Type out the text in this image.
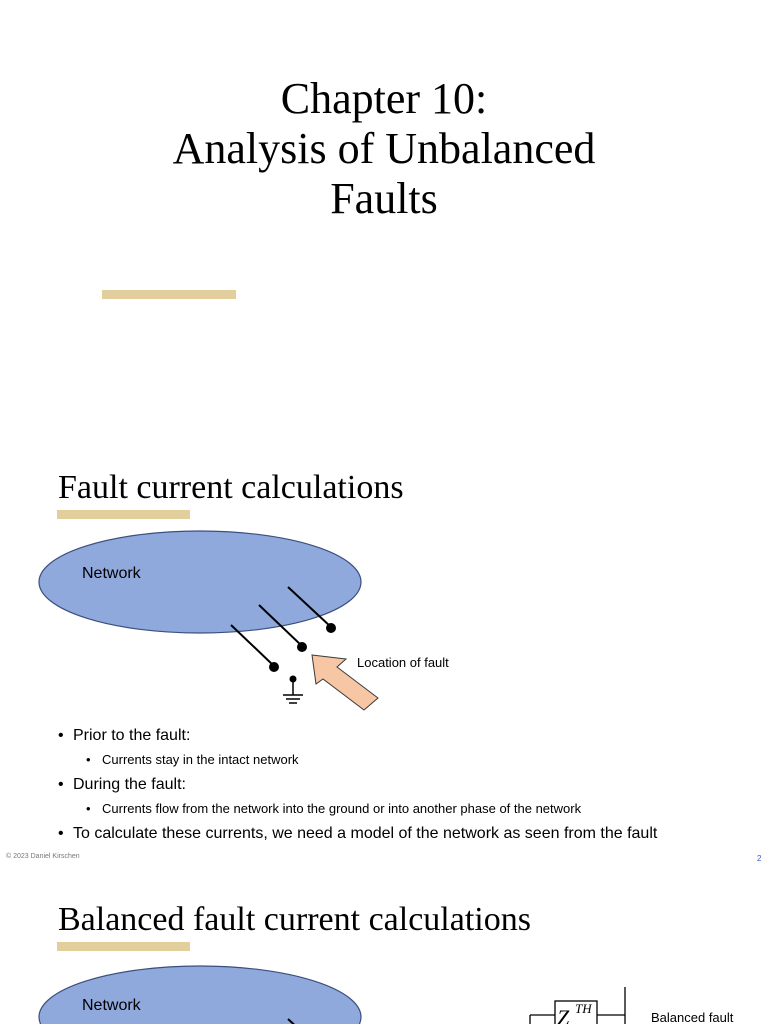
Chapter 10:
Analysis of Unbalanced
Faults
Fault current calculations
Network
Location of fault
• Prior to the fault:
• Currents stay in the intact network
• During the fault:
• Currents flow from the network into the ground or into another phase of the network
• To calculate these currents, we need a model of the network as seen from the fault
© 2023 Daniel Kirschen	2
Balanced fault current calculations
Network	Z TH
Balanced fault
